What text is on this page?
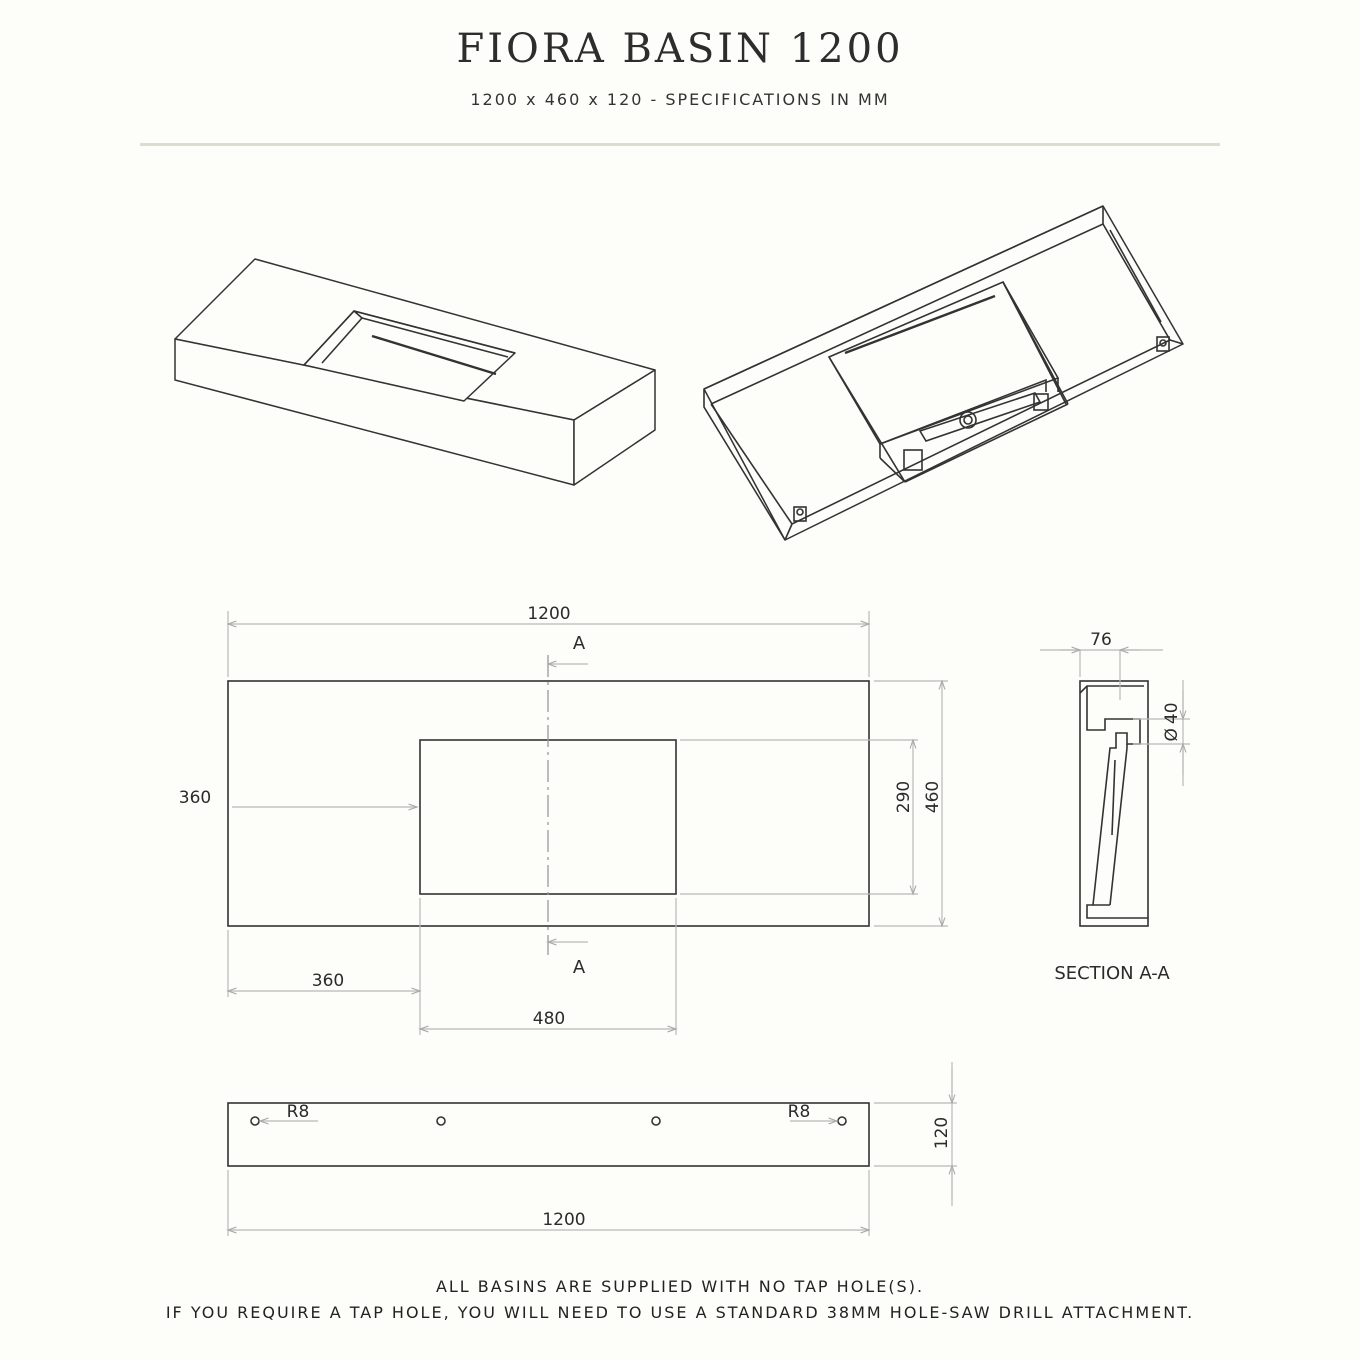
FIORA BASIN 1200
1200 x 460 x 120 - SPECIFICATIONS IN MM
1200
A
A
360	290 460
360
480
76
Ø40
SECTION A-A
R8	R8
120
1200
ALL BASINS ARE SUPPLIED WITH NO TAP HOLE(S).
IF YOU REQUIRE A TAP HOLE, YOU WILL NEED TO USE A STANDARD 38MM HOLE-SAW DRILL ATTACHMENT.
